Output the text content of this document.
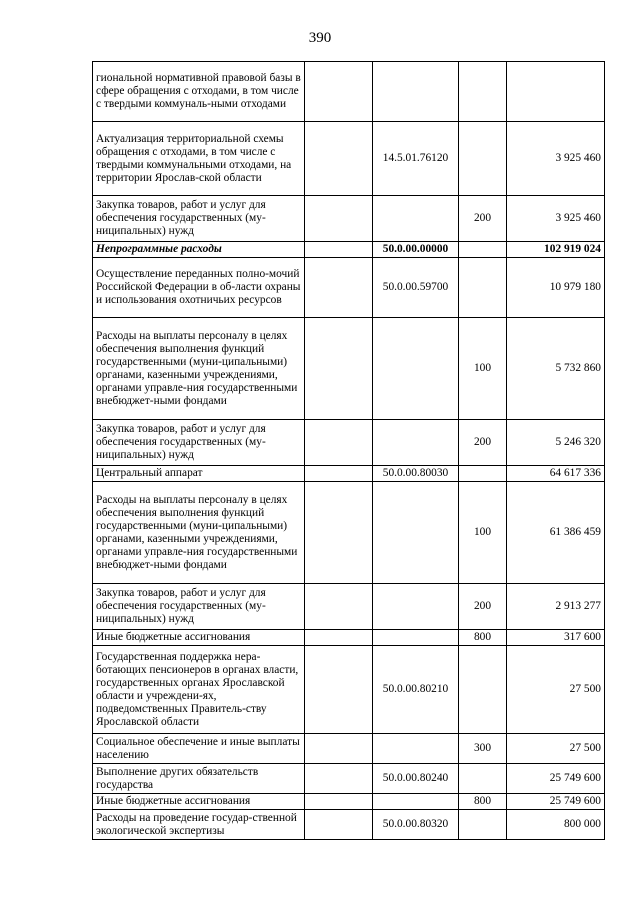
390
гиональной нормативной правовой базы в сфере обращения с отходами, в том числе с твердыми коммуналь-ными отходами				
Актуализация территориальной схемы обращения с отходами, в том числе с твердыми коммунальными отходами, на территории Ярослав-ской области		14.5.01.76120		3 925 460
Закупка товаров, работ и услуг для обеспечения государственных (му-ниципальных) нужд			200	3 925 460
Непрограммные расходы		50.0.00.00000		102 919 024
Осуществление переданных полно-мочий Российской Федерации в об-ласти охраны и использования охотничьих ресурсов		50.0.00.59700		10 979 180
Расходы на выплаты персоналу в целях обеспечения выполнения функций государственными (муни-ципальными) органами, казенными учреждениями, органами управле-ния государственными внебюджет-ными фондами			100	5 732 860
Закупка товаров, работ и услуг для обеспечения государственных (му-ниципальных) нужд			200	5 246 320
Центральный аппарат		50.0.00.80030		64 617 336
Расходы на выплаты персоналу в целях обеспечения выполнения функций государственными (муни-ципальными) органами, казенными учреждениями, органами управле-ния государственными внебюджет-ными фондами			100	61 386 459
Закупка товаров, работ и услуг для обеспечения государственных (му-ниципальных) нужд			200	2 913 277
Иные бюджетные ассигнования			800	317 600
Государственная поддержка нера-ботающих пенсионеров в органах власти, государственных органах Ярославской области и учреждени-ях, подведомственных Правитель-ству Ярославской области		50.0.00.80210		27 500
Социальное обеспечение и иные выплаты населению			300	27 500
Выполнение других обязательств государства		50.0.00.80240		25 749 600
Иные бюджетные ассигнования			800	25 749 600
Расходы на проведение государ-ственной экологической экспертизы		50.0.00.80320		800 000
